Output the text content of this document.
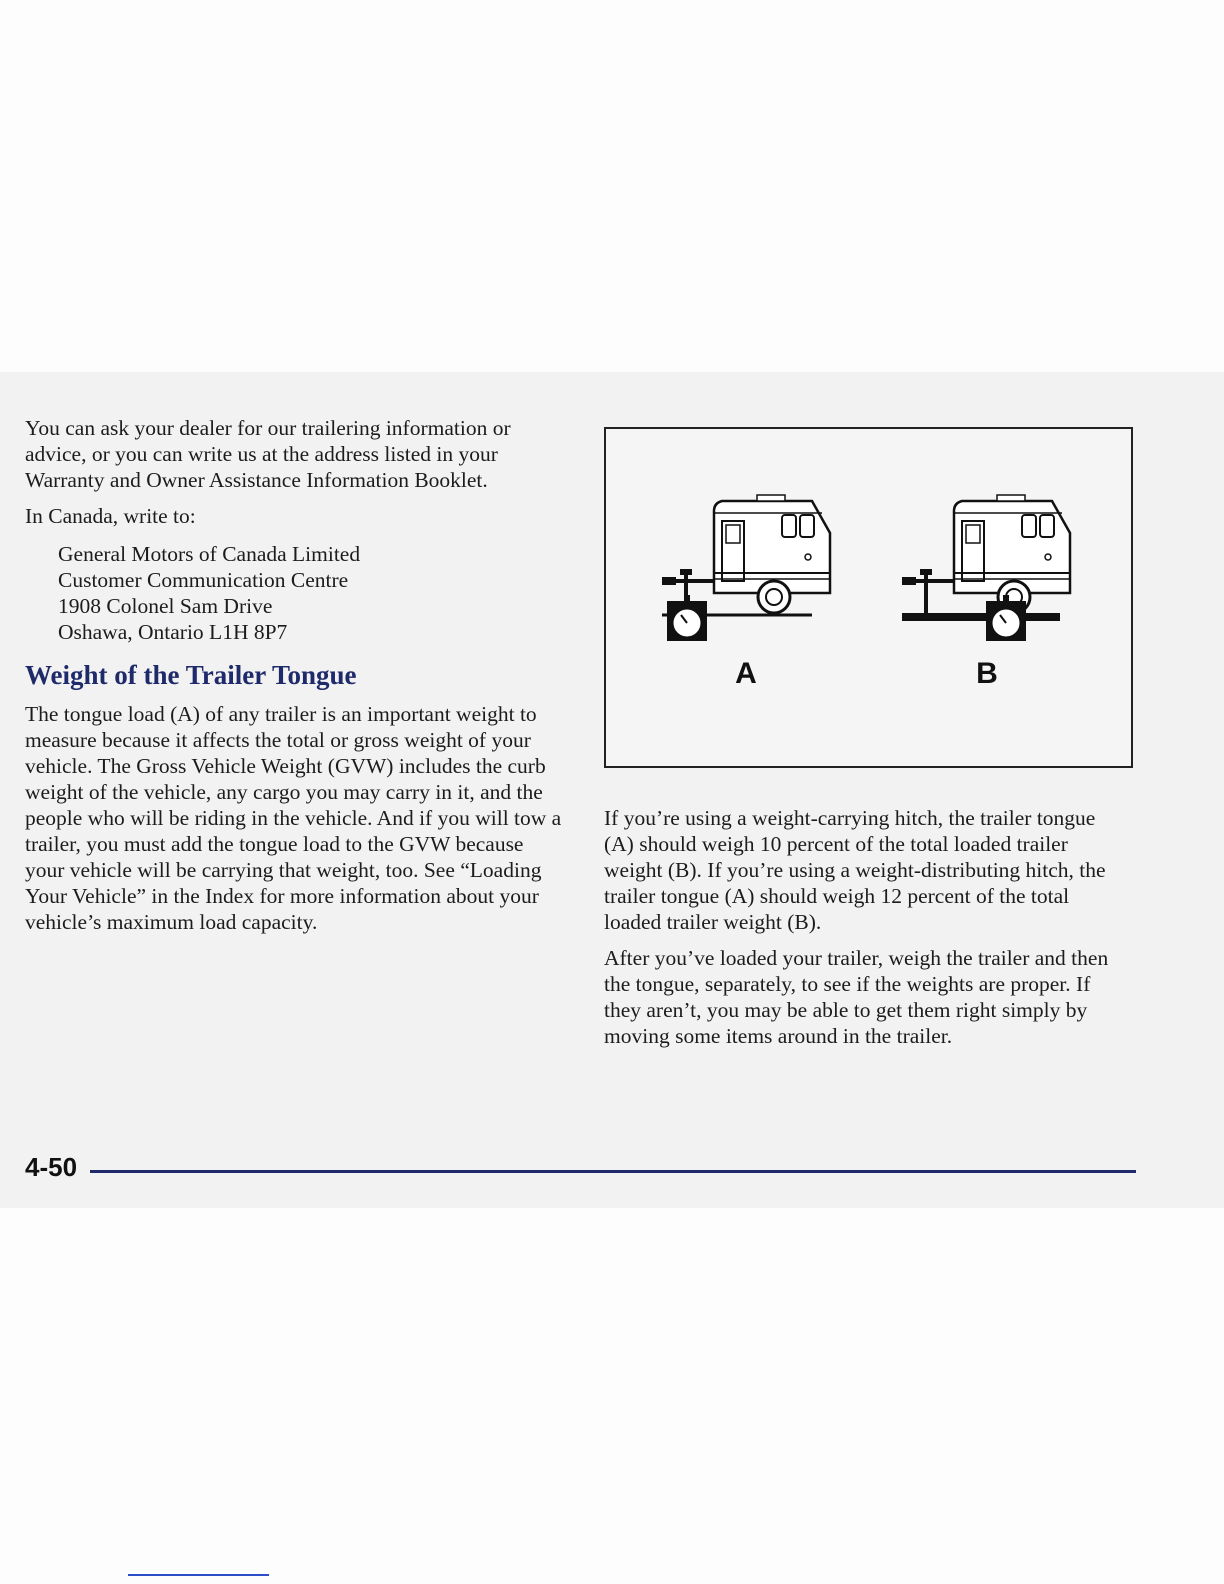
You can ask your dealer for our trailering information or advice, or you can write us at the address listed in your Warranty and Owner Assistance Information Booklet.

In Canada, write to:

General Motors of Canada Limited
Customer Communication Centre
1908 Colonel Sam Drive
Oshawa, Ontario L1H 8P7
Weight of the Trailer Tongue

The tongue load (A) of any trailer is an important weight to measure because it affects the total or gross weight of your vehicle. The Gross Vehicle Weight (GVW) includes the curb weight of the vehicle, any cargo you may carry in it, and the people who will be riding in the vehicle. And if you will tow a trailer, you must add the tongue load to the GVW because your vehicle will be carrying that weight, too. See “Loading Your Vehicle” in the Index for more information about your vehicle’s maximum load capacity.

A	B

If you’re using a weight-carrying hitch, the trailer tongue (A) should weigh 10 percent of the total loaded trailer weight (B). If you’re using a weight-distributing hitch, the trailer tongue (A) should weigh 12 percent of the total loaded trailer weight (B).

After you’ve loaded your trailer, weigh the trailer and then the tongue, separately, to see if the weights are proper. If they aren’t, you may be able to get them right simply by moving some items around in the trailer.

4-50
